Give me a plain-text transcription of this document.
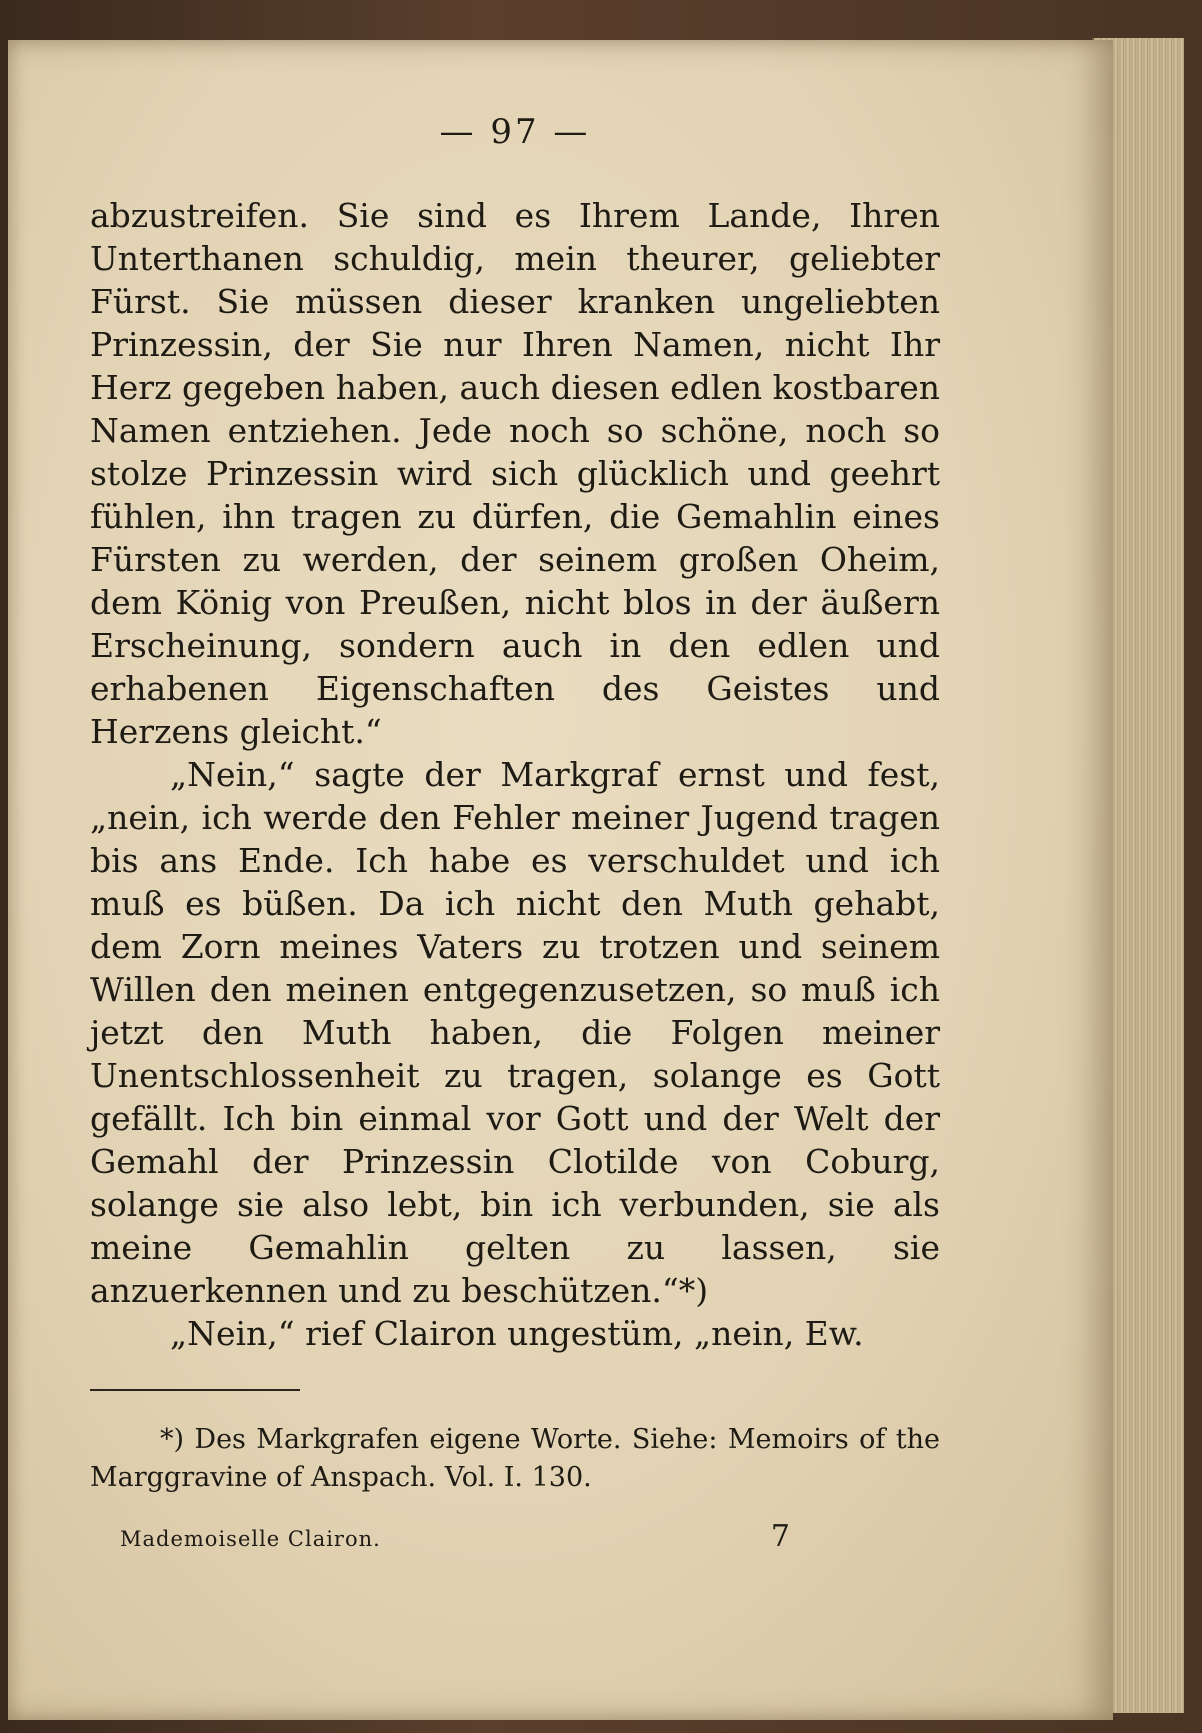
— 97 —

abzustreifen. Sie sind es Ihrem Lande, Ihren Unterthanen schuldig, mein theurer, geliebter Fürst. Sie müssen dieser kranken ungeliebten Prinzessin, der Sie nur Ihren Namen, nicht Ihr Herz gegeben haben, auch diesen edlen kostbaren Namen entziehen. Jede noch so schöne, noch so stolze Prinzessin wird sich glücklich und geehrt fühlen, ihn tragen zu dürfen, die Gemahlin eines Fürsten zu werden, der seinem großen Oheim, dem König von Preußen, nicht blos in der äußern Erscheinung, sondern auch in den edlen und erhabenen Eigenschaften des Geistes und Herzens gleicht.“

„Nein,“ sagte der Markgraf ernst und fest, „nein, ich werde den Fehler meiner Jugend tragen bis ans Ende. Ich habe es verschuldet und ich muß es büßen. Da ich nicht den Muth gehabt, dem Zorn meines Vaters zu trotzen und seinem Willen den meinen entgegenzusetzen, so muß ich jetzt den Muth haben, die Folgen meiner Unentschlossenheit zu tragen, solange es Gott gefällt. Ich bin einmal vor Gott und der Welt der Gemahl der Prinzessin Clotilde von Coburg, solange sie also lebt, bin ich verbunden, sie als meine Gemahlin gelten zu lassen, sie anzuerkennen und zu beschützen.“*)

„Nein,“ rief Clairon ungestüm, „nein, Ew.

*) Des Markgrafen eigene Worte. Siehe: Memoirs of the Marggravine of Anspach. Vol. I. 130.

Mademoiselle Clairon.	7
